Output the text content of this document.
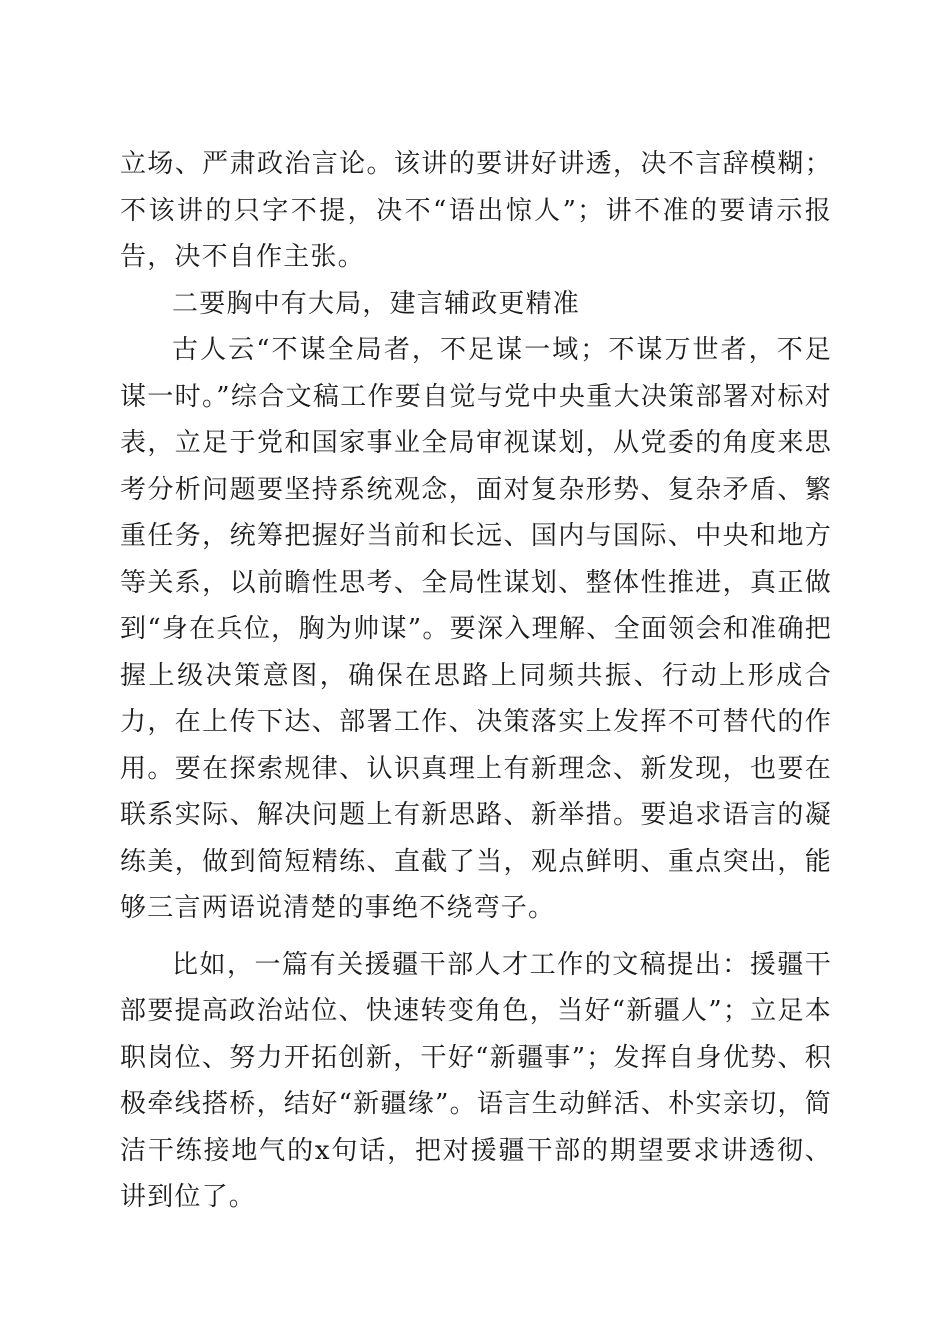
立场、严肃政治言论。该讲的要讲好讲透，决不言辞模糊；不该讲的只字不提，决不“语出惊人”；讲不准的要请示报告，决不自作主张。

二要胸中有大局，建言辅政更精准

古人云“不谋全局者，不足谋一域；不谋万世者，不足谋一时。”综合文稿工作要自觉与党中央重大决策部署对标对表，立足于党和国家事业全局审视谋划，从党委的角度来思考分析问题要坚持系统观念，面对复杂形势、复杂矛盾、繁重任务，统筹把握好当前和长远、国内与国际、中央和地方等关系，以前瞻性思考、全局性谋划、整体性推进，真正做到“身在兵位，胸为帅谋”。要深入理解、全面领会和准确把握上级决策意图，确保在思路上同频共振、行动上形成合力，在上传下达、部署工作、决策落实上发挥不可替代的作用。要在探索规律、认识真理上有新理念、新发现，也要在联系实际、解决问题上有新思路、新举措。要追求语言的凝练美，做到简短精练、直截了当，观点鲜明、重点突出，能够三言两语说清楚的事绝不绕弯子。

比如，一篇有关援疆干部人才工作的文稿提出：援疆干部要提高政治站位、快速转变角色，当好“新疆人”；立足本职岗位、努力开拓创新，干好“新疆事”；发挥自身优势、积极牵线搭桥，结好“新疆缘”。语言生动鲜活、朴实亲切，简洁干练接地气的x句话，把对援疆干部的期望要求讲透彻、讲到位了。
